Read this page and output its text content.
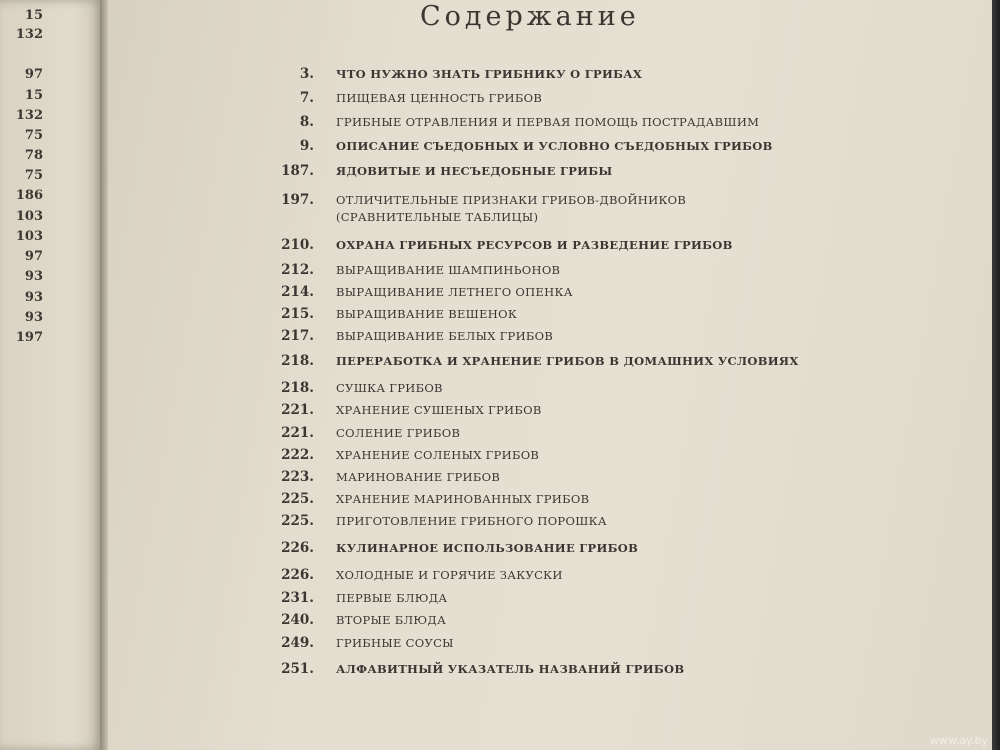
15
132
97
15
132
75
78
75
186
103
103
97
93
93
93
197
Содержание
3. ЧТО НУЖНО ЗНАТЬ ГРИБНИКУ О ГРИБАХ
7. ПИЩЕВАЯ ЦЕННОСТЬ ГРИБОВ
8. ГРИБНЫЕ ОТРАВЛЕНИЯ И ПЕРВАЯ ПОМОЩЬ ПОСТРАДАВШИМ
9. ОПИСАНИЕ СЪЕДОБНЫХ И УСЛОВНО СЪЕДОБНЫХ ГРИБОВ
187. ЯДОВИТЫЕ И НЕСЪЕДОБНЫЕ ГРИБЫ
197. ОТЛИЧИТЕЛЬНЫЕ ПРИЗНАКИ ГРИБОВ-ДВОЙНИКОВ
(СРАВНИТЕЛЬНЫЕ ТАБЛИЦЫ)
210. ОХРАНА ГРИБНЫХ РЕСУРСОВ И РАЗВЕДЕНИЕ ГРИБОВ
212. ВЫРАЩИВАНИЕ ШАМПИНЬОНОВ
214. ВЫРАЩИВАНИЕ ЛЕТНЕГО ОПЕНКА
215. ВЫРАЩИВАНИЕ ВЕШЕНОК
217. ВЫРАЩИВАНИЕ БЕЛЫХ ГРИБОВ
218. ПЕРЕРАБОТКА И ХРАНЕНИЕ ГРИБОВ В ДОМАШНИХ УСЛОВИЯХ
218. СУШКА ГРИБОВ
221. ХРАНЕНИЕ СУШЕНЫХ ГРИБОВ
221. СОЛЕНИЕ ГРИБОВ
222. ХРАНЕНИЕ СОЛЕНЫХ ГРИБОВ
223. МАРИНОВАНИЕ ГРИБОВ
225. ХРАНЕНИЕ МАРИНОВАННЫХ ГРИБОВ
225. ПРИГОТОВЛЕНИЕ ГРИБНОГО ПОРОШКА
226. КУЛИНАРНОЕ ИСПОЛЬЗОВАНИЕ ГРИБОВ
226. ХОЛОДНЫЕ И ГОРЯЧИЕ ЗАКУСКИ
231. ПЕРВЫЕ БЛЮДА
240. ВТОРЫЕ БЛЮДА
249. ГРИБНЫЕ СОУСЫ
251. АЛФАВИТНЫЙ УКАЗАТЕЛЬ НАЗВАНИЙ ГРИБОВ
www.ay.by
